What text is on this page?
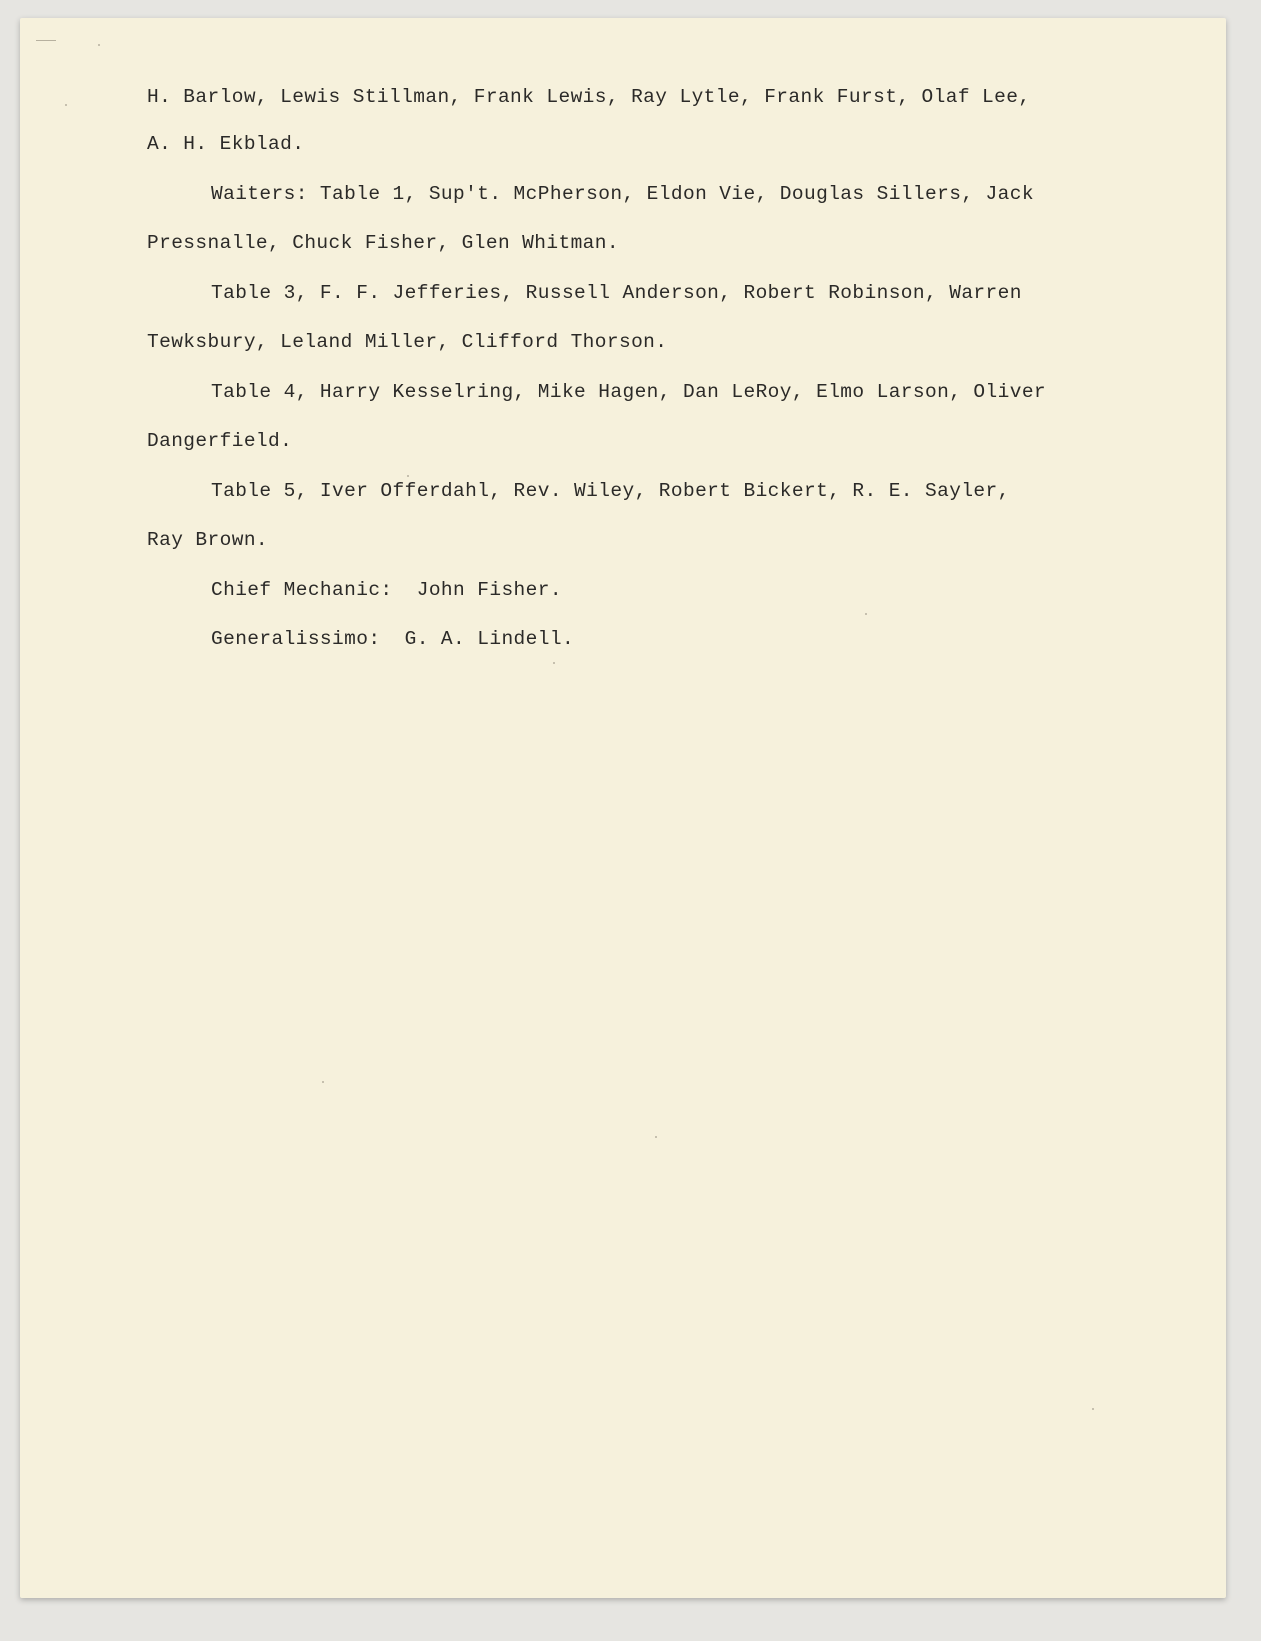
H. Barlow, Lewis Stillman, Frank Lewis, Ray Lytle, Frank Furst, Olaf Lee,
A. H. Ekblad.
Waiters: Table 1, Sup't. McPherson, Eldon Vie, Douglas Sillers, Jack
Pressnalle, Chuck Fisher, Glen Whitman.
Table 3, F. F. Jefferies, Russell Anderson, Robert Robinson, Warren
Tewksbury, Leland Miller, Clifford Thorson.
Table 4, Harry Kesselring, Mike Hagen, Dan LeRoy, Elmo Larson, Oliver
Dangerfield.
Table 5, Iver Offerdahl, Rev. Wiley, Robert Bickert, R. E. Sayler,
Ray Brown.
Chief Mechanic:  John Fisher.
Generalissimo:  G. A. Lindell.
